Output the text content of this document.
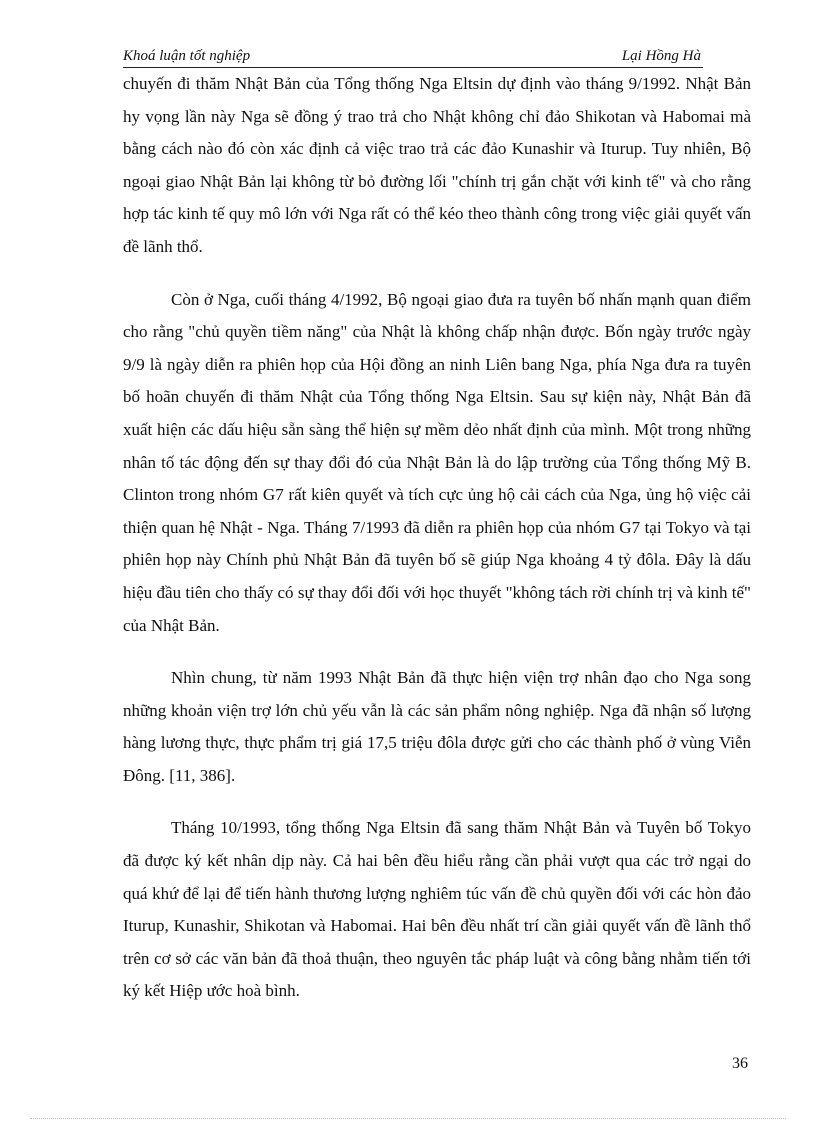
Khoá luận tốt nghiệp	Lại Hồng Hà

chuyến đi thăm Nhật Bản của Tổng thống Nga Eltsin dự định vào tháng 9/1992. Nhật Bản hy vọng lần này Nga sẽ đồng ý trao trả cho Nhật không chỉ đảo Shikotan và Habomai mà bằng cách nào đó còn xác định cả việc trao trả các đảo Kunashir và Iturup. Tuy nhiên, Bộ ngoại giao Nhật Bản lại không từ bỏ đường lối "chính trị gắn chặt với kinh tế" và cho rằng hợp tác kinh tế quy mô lớn với Nga rất có thể kéo theo thành công trong việc giải quyết vấn đề lãnh thổ.

Còn ở Nga, cuối tháng 4/1992, Bộ ngoại giao đưa ra tuyên bố nhấn mạnh quan điểm cho rằng "chủ quyền tiềm năng" của Nhật là không chấp nhận được. Bốn ngày trước ngày 9/9 là ngày diễn ra phiên họp của Hội đồng an ninh Liên bang Nga, phía Nga đưa ra tuyên bố hoãn chuyến đi thăm Nhật của Tổng thống Nga Eltsin. Sau sự kiện này, Nhật Bản đã xuất hiện các dấu hiệu sẵn sàng thể hiện sự mềm dẻo nhất định của mình. Một trong những nhân tố tác động đến sự thay đổi đó của Nhật Bản là do lập trường của Tổng thống Mỹ B. Clinton trong nhóm G7 rất kiên quyết và tích cực ủng hộ cải cách của Nga, ủng hộ việc cải thiện quan hệ Nhật - Nga. Tháng 7/1993 đã diễn ra phiên họp của nhóm G7 tại Tokyo và tại phiên họp này Chính phủ Nhật Bản đã tuyên bố sẽ giúp Nga khoảng 4 tỷ đôla. Đây là dấu hiệu đầu tiên cho thấy có sự thay đổi đối với học thuyết "không tách rời chính trị và kinh tế" của Nhật Bản.

Nhìn chung, từ năm 1993 Nhật Bản đã thực hiện viện trợ nhân đạo cho Nga song những khoản viện trợ lớn chủ yếu vẫn là các sản phẩm nông nghiệp. Nga đã nhận số lượng hàng lương thực, thực phẩm trị giá 17,5 triệu đôla được gửi cho các thành phố ở vùng Viễn Đông. [11, 386].

Tháng 10/1993, tổng thống Nga Eltsin đã sang thăm Nhật Bản và Tuyên bố Tokyo đã được ký kết nhân dịp này. Cả hai bên đều hiểu rằng cần phải vượt qua các trở ngại do quá khứ để lại để tiến hành thương lượng nghiêm túc vấn đề chủ quyền đối với các hòn đảo Iturup, Kunashir, Shikotan và Habomai. Hai bên đều nhất trí cần giải quyết vấn đề lãnh thổ trên cơ sở các văn bản đã thoả thuận, theo nguyên tắc pháp luật và công bằng nhằm tiến tới ký kết Hiệp ước hoà bình.

36
